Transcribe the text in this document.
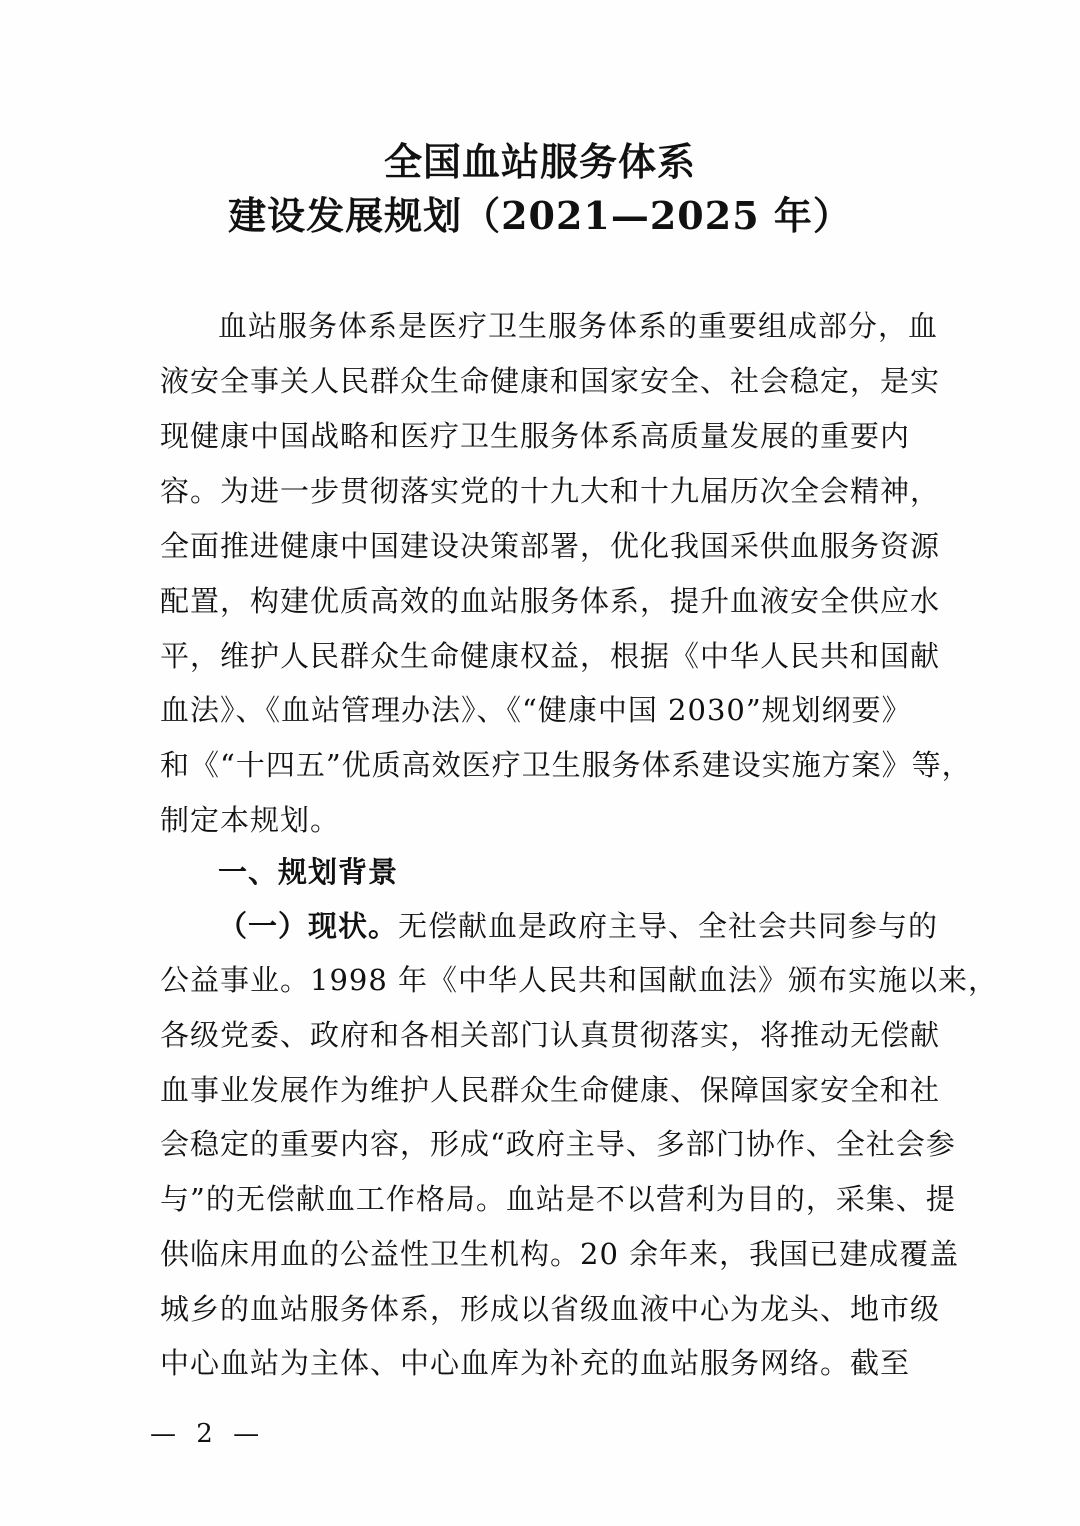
全国血站服务体系
建设发展规划（2021—2025 年）
血站服务体系是医疗卫生服务体系的重要组成部分，血
液安全事关人民群众生命健康和国家安全、社会稳定，是实
现健康中国战略和医疗卫生服务体系高质量发展的重要内
容。为进一步贯彻落实党的十九大和十九届历次全会精神，
全面推进健康中国建设决策部署，优化我国采供血服务资源
配置，构建优质高效的血站服务体系，提升血液安全供应水
平，维护人民群众生命健康权益，根据《中华人民共和国献
血法》、《血站管理办法》、《“健康中国 2030”规划纲要》
和《“十四五”优质高效医疗卫生服务体系建设实施方案》等，
制定本规划。
一、规划背景
（一）现状。无偿献血是政府主导、全社会共同参与的
公益事业。1998 年《中华人民共和国献血法》颁布实施以来，
各级党委、政府和各相关部门认真贯彻落实，将推动无偿献
血事业发展作为维护人民群众生命健康、保障国家安全和社
会稳定的重要内容，形成“政府主导、多部门协作、全社会参
与”的无偿献血工作格局。血站是不以营利为目的，采集、提
供临床用血的公益性卫生机构。20 余年来，我国已建成覆盖
城乡的血站服务体系，形成以省级血液中心为龙头、地市级
中心血站为主体、中心血库为补充的血站服务网络。截至
— 2 —
